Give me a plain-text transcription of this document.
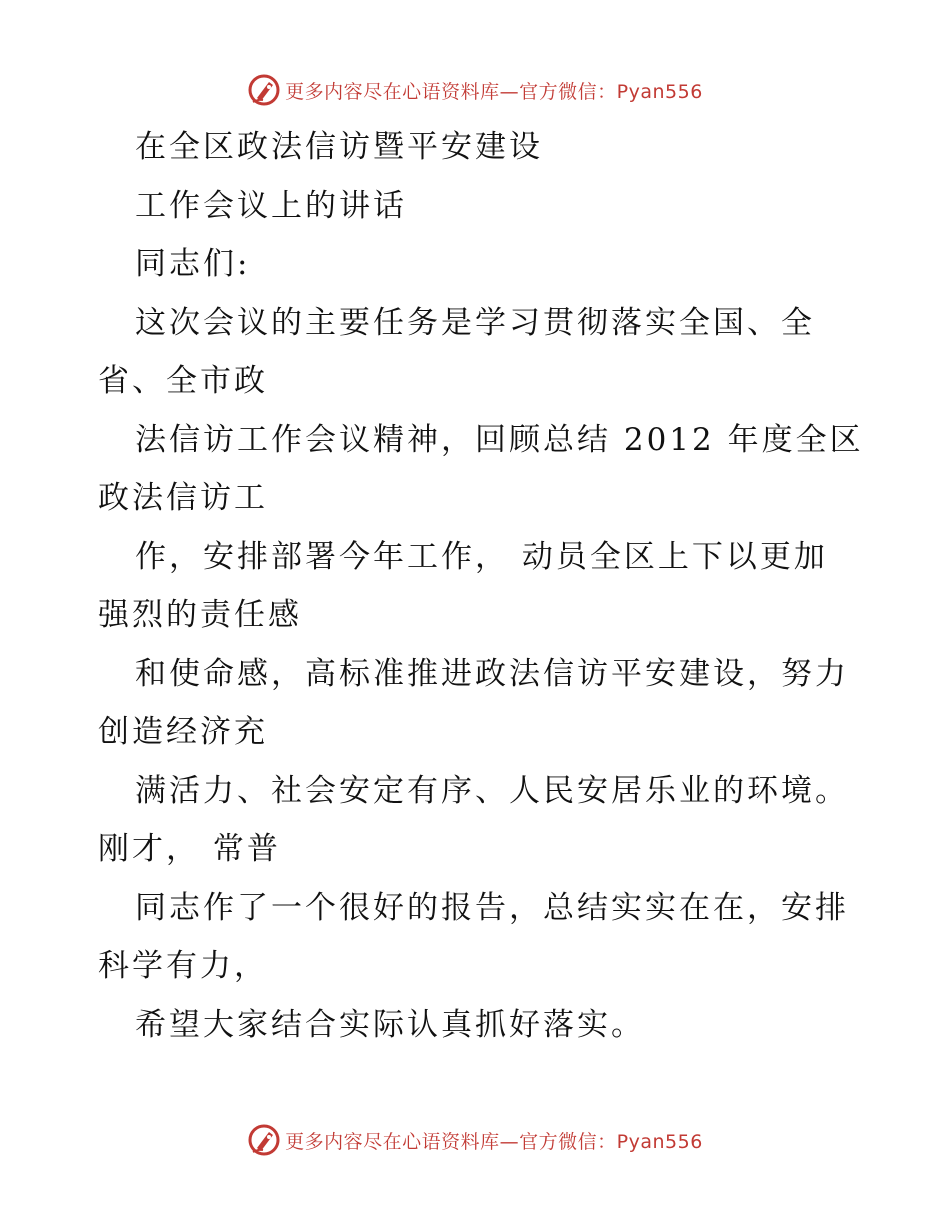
更多内容尽在心语资料库—官方微信：Pyan556
在全区政法信访暨平安建设
工作会议上的讲话
同志们:
这次会议的主要任务是学习贯彻落实全国、全
省、全市政
法信访工作会议精神，回顾总结 2012 年度全区
政法信访工
作，安排部署今年工作， 动员全区上下以更加
强烈的责任感
和使命感，高标准推进政法信访平安建设，努力
创造经济充
满活力、社会安定有序、人民安居乐业的环境。
刚才， 常普
同志作了一个很好的报告，总结实实在在，安排
科学有力，
希望大家结合实际认真抓好落实。
更多内容尽在心语资料库—官方微信：Pyan556
